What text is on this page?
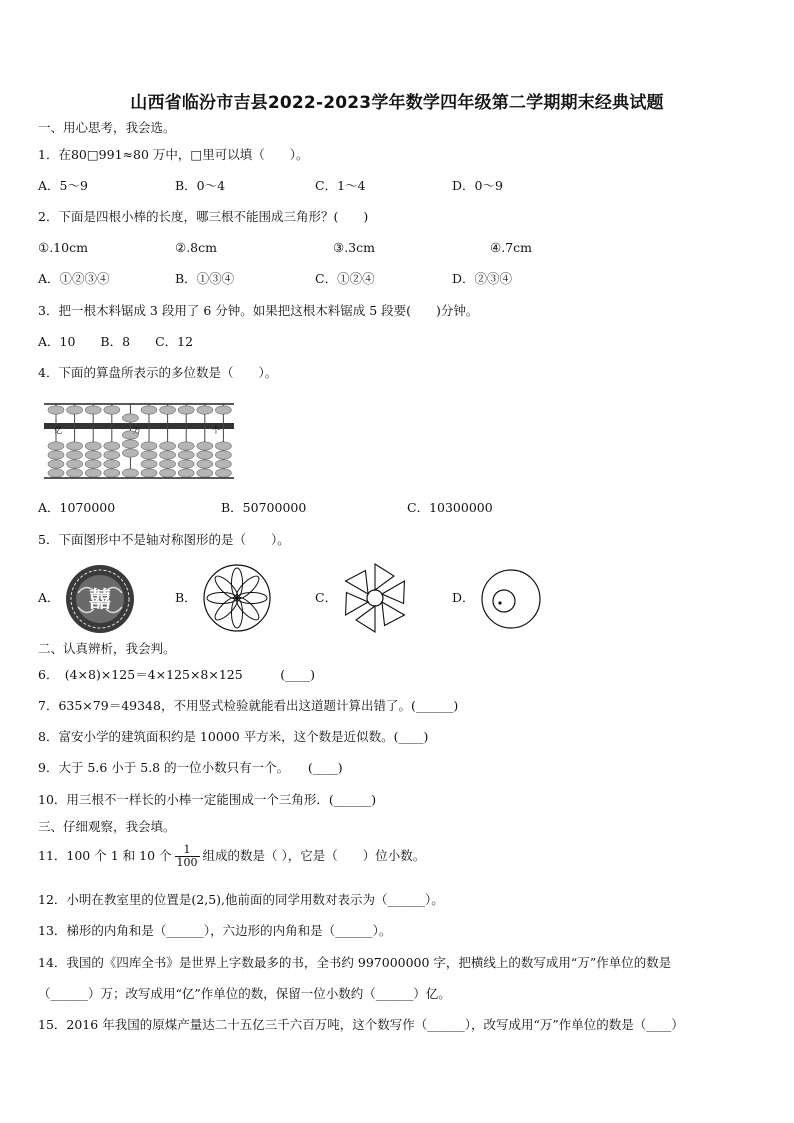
山西省临汾市吉县2022-2023学年数学四年级第二学期期末经典试题
一、用心思考，我会选。
1．在80□991≈80 万中，□里可以填（　　）。
A．5～9	B．0～4	C．1～4	D．0～9
2．下面是四根小棒的长度，哪三根不能围成三角形？(　　)
①.10cm	②.8cm	③.3cm	④.7cm
A．①②③④	B．①③④	C．①②④	D．②③④
3．把一根木料锯成 3 段用了 6 分钟。如果把这根木料锯成 5 段要(　　)分钟。
A．10　　B．8　　C．12
4．下面的算盘所表示的多位数是（　　）。
亿	万	个
A．1070000	B．50700000	C．10300000
5．下面图形中不是轴对称图形的是（　　）。
A． 囍	B．	C．	D．
二、认真辨析，我会判。
6．　(4×8)×125＝4×125×8×125　　　(____)
7．635×79＝49348，不用竖式检验就能看出这道题计算出错了。(______)
8．富安小学的建筑面积约是 10000 平方米，这个数是近似数。(____)
9．大于 5.6 小于 5.8 的一位小数只有一个。　　(____)
10．用三根不一样长的小棒一定能围成一个三角形．(______)
三、仔细观察，我会填。
11．100 个 1 和 10 个 $\frac{1}{100}$ 组成的数是（ ），它是（　　）位小数。
12．小明在教室里的位置是(2,5),他前面的同学用数对表示为（______）。
13．梯形的内角和是（______），六边形的内角和是（______）。
14．我国的《四库全书》是世界上字数最多的书，全书约 997000000 字，把横线上的数写成用“万”作单位的数是
（______）万；改写成用“亿”作单位的数，保留一位小数约（______）亿。
15．2016 年我国的原煤产量达二十五亿三千六百万吨，这个数写作（______），改写成用“万”作单位的数是（____）
